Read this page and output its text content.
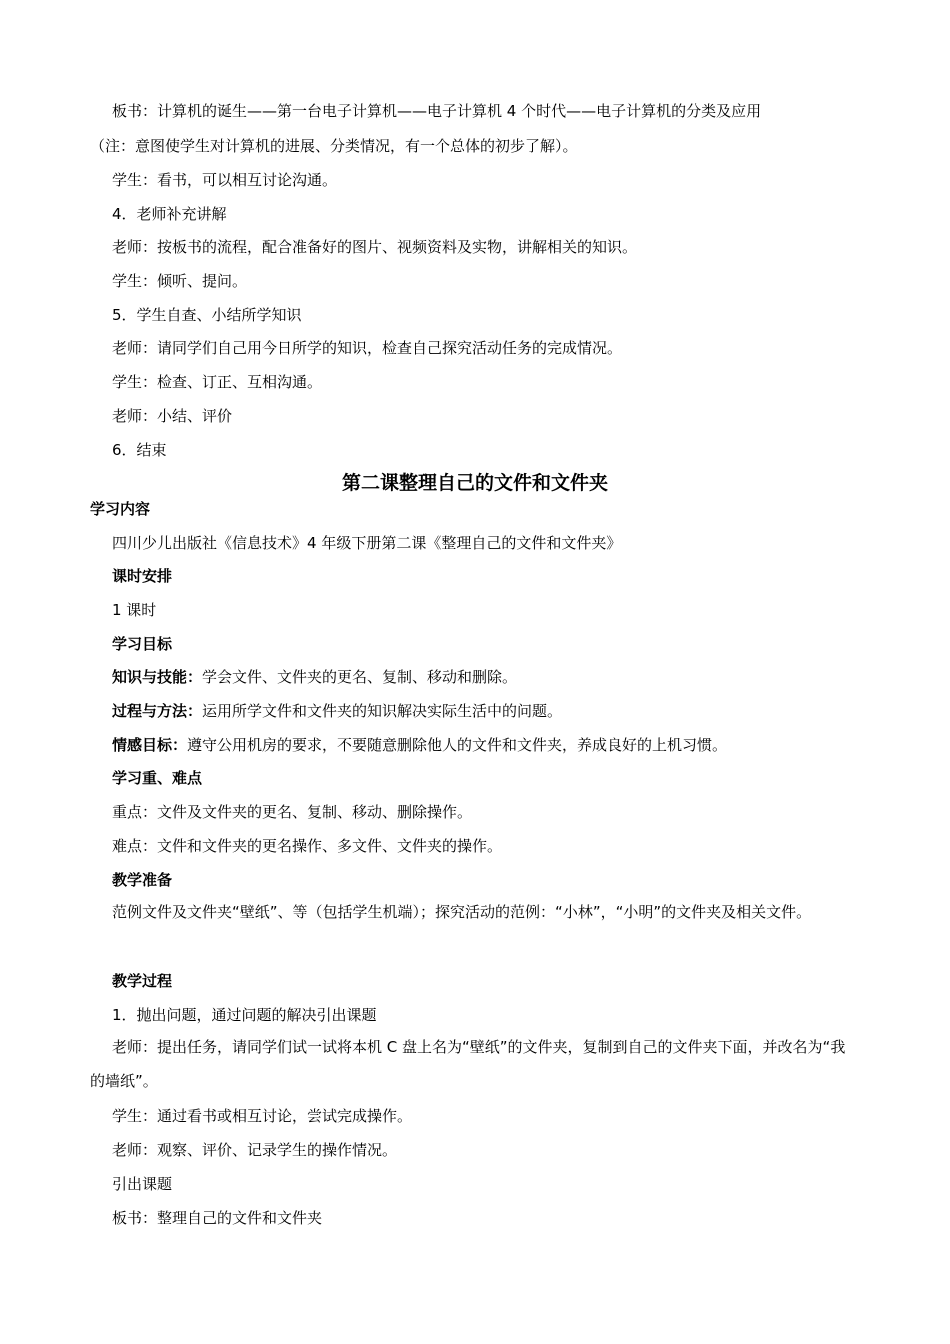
板书：计算机的诞生——第一台电子计算机——电子计算机 4 个时代——电子计算机的分类及应用
（注：意图使学生对计算机的进展、分类情况，有一个总体的初步了解）。
学生：看书，可以相互讨论沟通。
4．老师补充讲解
老师：按板书的流程，配合准备好的图片、视频资料及实物，讲解相关的知识。
学生：倾听、提问。
5．学生自查、小结所学知识
老师：请同学们自己用今日所学的知识，检查自己探究活动任务的完成情况。
学生：检查、订正、互相沟通。
老师：小结、评价
6．结束
第二课整理自己的文件和文件夹
学习内容
四川少儿出版社《信息技术》4 年级下册第二课《整理自己的文件和文件夹》
课时安排
1 课时
学习目标
知识与技能：学会文件、文件夹的更名、复制、移动和删除。
过程与方法：运用所学文件和文件夹的知识解决实际生活中的问题。
情感目标：遵守公用机房的要求，不要随意删除他人的文件和文件夹，养成良好的上机习惯。
学习重、难点
重点：文件及文件夹的更名、复制、移动、删除操作。
难点：文件和文件夹的更名操作、多文件、文件夹的操作。
教学准备
范例文件及文件夹“壁纸”、等（包括学生机端）；探究活动的范例：“小林”，“小明”的文件夹及相关文件。
教学过程
1．抛出问题，通过问题的解决引出课题
老师：提出任务，请同学们试一试将本机 C 盘上名为“壁纸”的文件夹，复制到自己的文件夹下面，并改名为“我的墙纸”。
学生：通过看书或相互讨论，尝试完成操作。
老师：观察、评价、记录学生的操作情况。
引出课题
板书：整理自己的文件和文件夹
